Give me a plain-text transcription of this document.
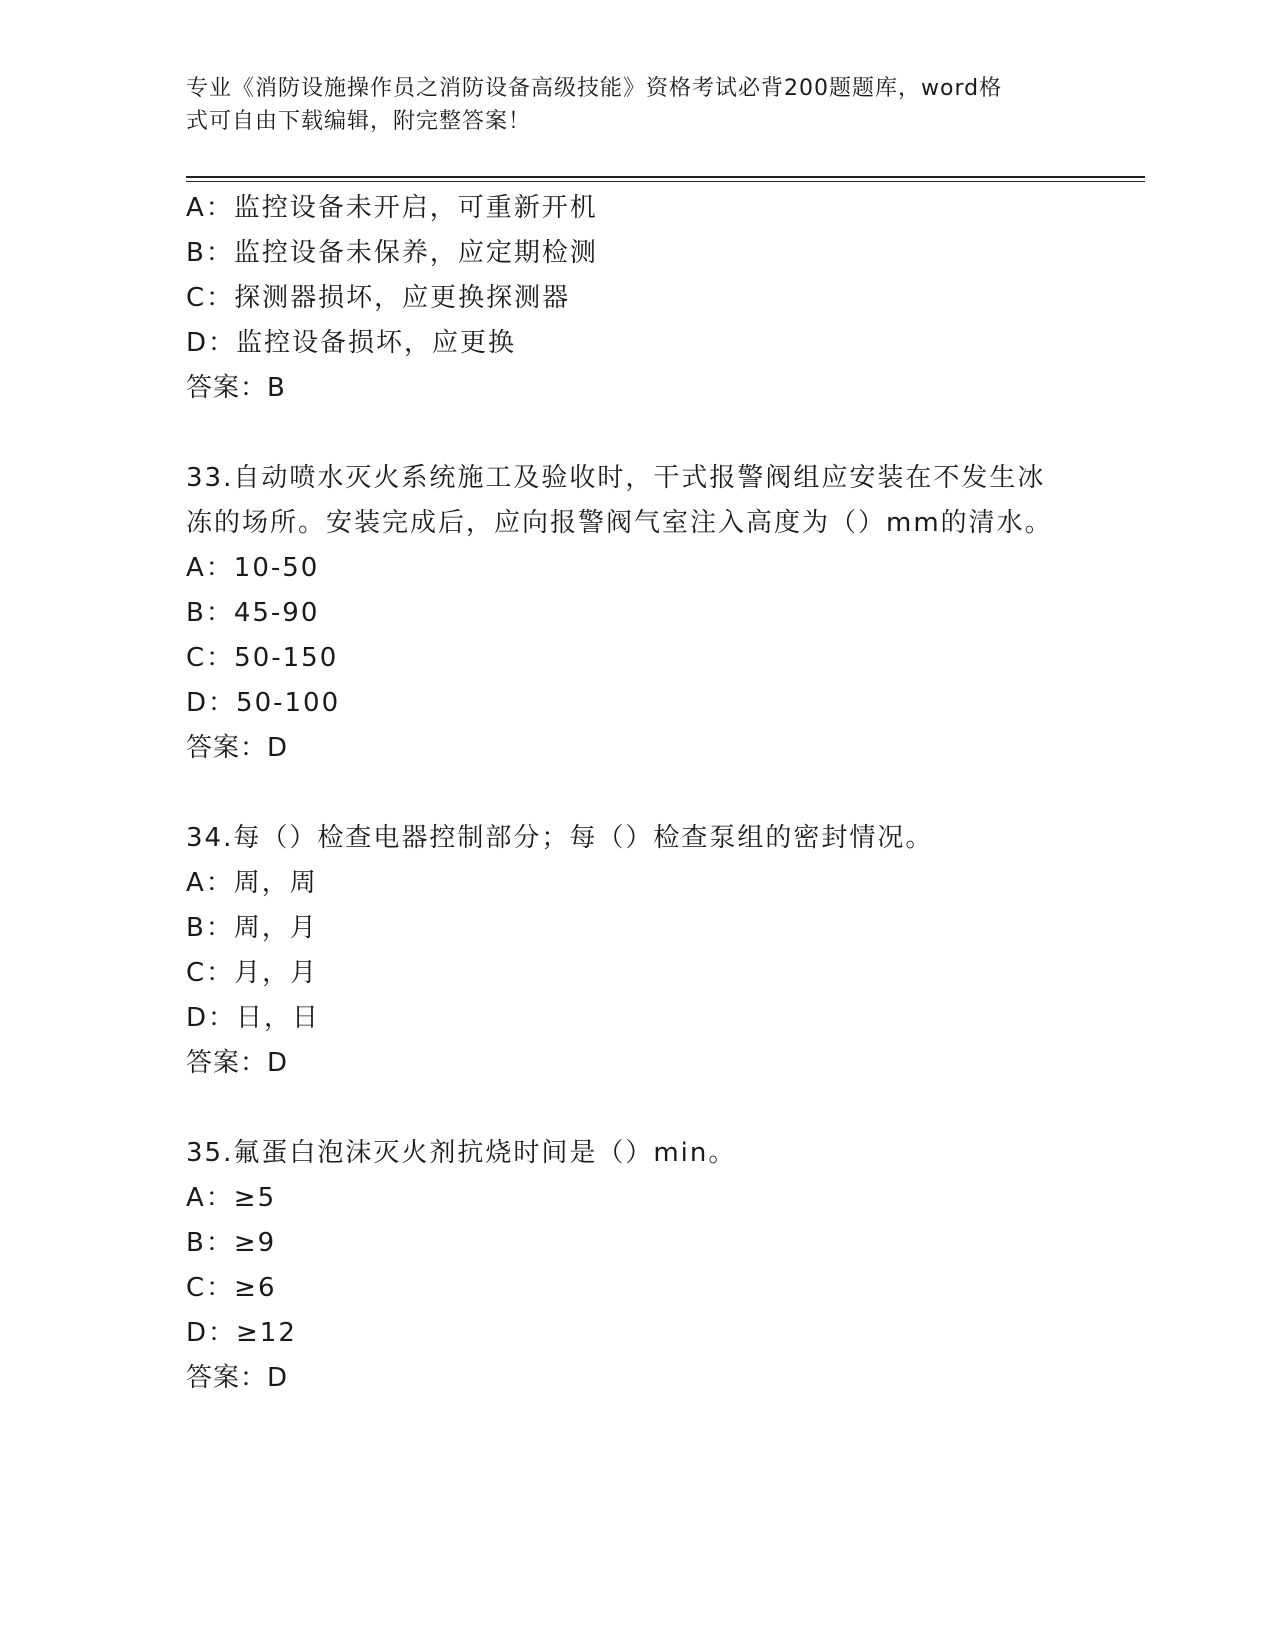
专业《消防设施操作员之消防设备高级技能》资格考试必背200题题库，word格
式可自由下载编辑，附完整答案！
A：监控设备未开启，可重新开机
B：监控设备未保养，应定期检测
C：探测器损坏，应更换探测器
D：监控设备损坏，应更换
答案：B
33.自动喷水灭火系统施工及验收时，干式报警阀组应安装在不发生冰冻的场所。安装完成后，应向报警阀气室注入高度为（）mm的清水。
A：10-50
B：45-90
C：50-150
D：50-100
答案：D
34.每（）检查电器控制部分；每（）检查泵组的密封情况。
A：周，周
B：周，月
C：月，月
D：日，日
答案：D
35.氟蛋白泡沫灭火剂抗烧时间是（）min。
A：≥5
B：≥9
C：≥6
D：≥12
答案：D
